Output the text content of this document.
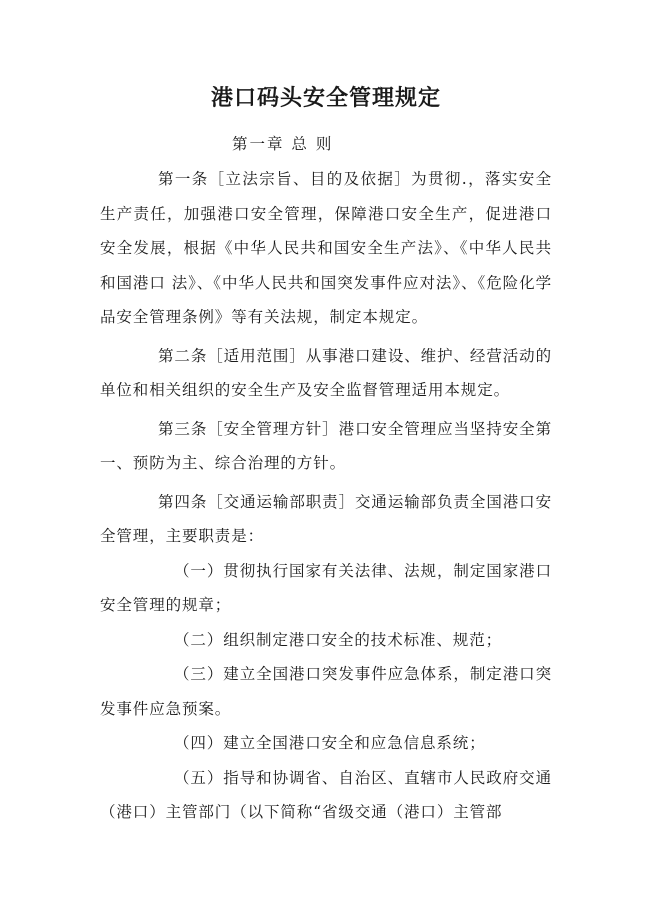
港口码头安全管理规定
第一章 总 则

第一条［立法宗旨、目的及依据］为贯彻.，落实安全生产责任，加强港口安全管理，保障港口安全生产，促进港口安全发展，根据《中华人民共和国安全生产法》、《中华人民共和国港口 法》、《中华人民共和国突发事件应对法》、《危险化学品安全管理条例》等有关法规，制定本规定。

第二条［适用范围］从事港口建设、维护、经营活动的单位和相关组织的安全生产及安全监督管理适用本规定。

第三条［安全管理方针］港口安全管理应当坚持安全第一、预防为主、综合治理的方针。

第四条［交通运输部职责］交通运输部负责全国港口安全管理，主要职责是：

（一）贯彻执行国家有关法律、法规，制定国家港口安全管理的规章；

（二）组织制定港口安全的技术标准、规范；

（三）建立全国港口突发事件应急体系，制定港口突发事件应急预案。

（四）建立全国港口安全和应急信息系统；

（五）指导和协调省、自治区、直辖市人民政府交通（港口）主管部门（以下简称“省级交通（港口）主管部
